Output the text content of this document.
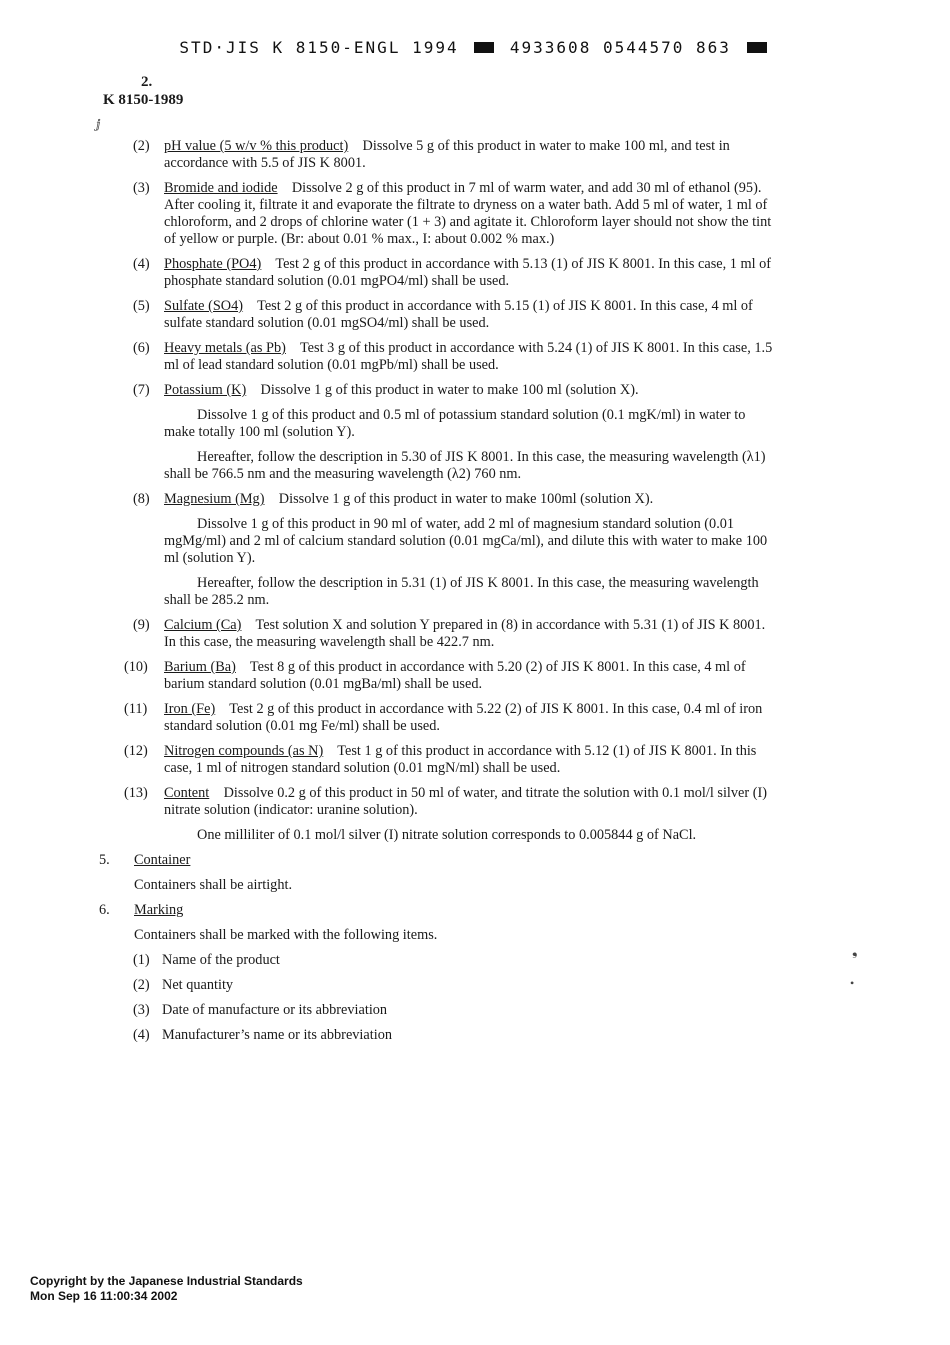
STD·JIS K 8150-ENGL 1994	4933608 0544570 863
2.
K 8150-1989
ⅉ
❟
•
(2) pH value (5 w/v % this product) Dissolve 5 g of this product in water to make 100 ml, and test in accordance with 5.5 of JIS K 8001.
(3) Bromide and iodide Dissolve 2 g of this product in 7 ml of warm water, and add 30 ml of ethanol (95). After cooling it, filtrate it and evaporate the filtrate to dryness on a water bath. Add 5 ml of water, 1 ml of chloroform, and 2 drops of chlorine water (1 + 3) and agitate it. Chloroform layer should not show the tint of yellow or purple. (Br: about 0.01 % max., I: about 0.002 % max.)
(4) Phosphate (PO4) Test 2 g of this product in accordance with 5.13 (1) of JIS K 8001. In this case, 1 ml of phosphate standard solution (0.01 mgPO4/ml) shall be used.
(5) Sulfate (SO4) Test 2 g of this product in accordance with 5.15 (1) of JIS K 8001. In this case, 4 ml of sulfate standard solution (0.01 mgSO4/ml) shall be used.
(6) Heavy metals (as Pb) Test 3 g of this product in accordance with 5.24 (1) of JIS K 8001. In this case, 1.5 ml of lead standard solution (0.01 mgPb/ml) shall be used.
(7) Potassium (K) Dissolve 1 g of this product in water to make 100 ml (solution X).
Dissolve 1 g of this product and 0.5 ml of potassium standard solution (0.1 mgK/ml) in water to make totally 100 ml (solution Y).
Hereafter, follow the description in 5.30 of JIS K 8001. In this case, the measuring wavelength (λ1) shall be 766.5 nm and the measuring wavelength (λ2) 760 nm.
(8) Magnesium (Mg) Dissolve 1 g of this product in water to make 100ml (solution X).
Dissolve 1 g of this product in 90 ml of water, add 2 ml of magnesium standard solution (0.01 mgMg/ml) and 2 ml of calcium standard solution (0.01 mgCa/ml), and dilute this with water to make 100 ml (solution Y).
Hereafter, follow the description in 5.31 (1) of JIS K 8001. In this case, the measuring wavelength shall be 285.2 nm.
(9) Calcium (Ca) Test solution X and solution Y prepared in (8) in accordance with 5.31 (1) of JIS K 8001. In this case, the measuring wavelength shall be 422.7 nm.
(10) Barium (Ba) Test 8 g of this product in accordance with 5.20 (2) of JIS K 8001. In this case, 4 ml of barium standard solution (0.01 mgBa/ml) shall be used.
(11) Iron (Fe) Test 2 g of this product in accordance with 5.22 (2) of JIS K 8001. In this case, 0.4 ml of iron standard solution (0.01 mg Fe/ml) shall be used.
(12) Nitrogen compounds (as N) Test 1 g of this product in accordance with 5.12 (1) of JIS K 8001. In this case, 1 ml of nitrogen standard solution (0.01 mgN/ml) shall be used.
(13) Content Dissolve 0.2 g of this product in 50 ml of water, and titrate the solution with 0.1 mol/l silver (I) nitrate solution (indicator: uranine solution).
One milliliter of 0.1 mol/l silver (I) nitrate solution corresponds to 0.005844 g of NaCl.
5. Container
Containers shall be airtight.
6. Marking
Containers shall be marked with the following items.
(1) Name of the product
(2) Net quantity
(3) Date of manufacture or its abbreviation
(4) Manufacturer’s name or its abbreviation
Copyright by the Japanese Industrial Standards
Mon Sep 16 11:00:34 2002
